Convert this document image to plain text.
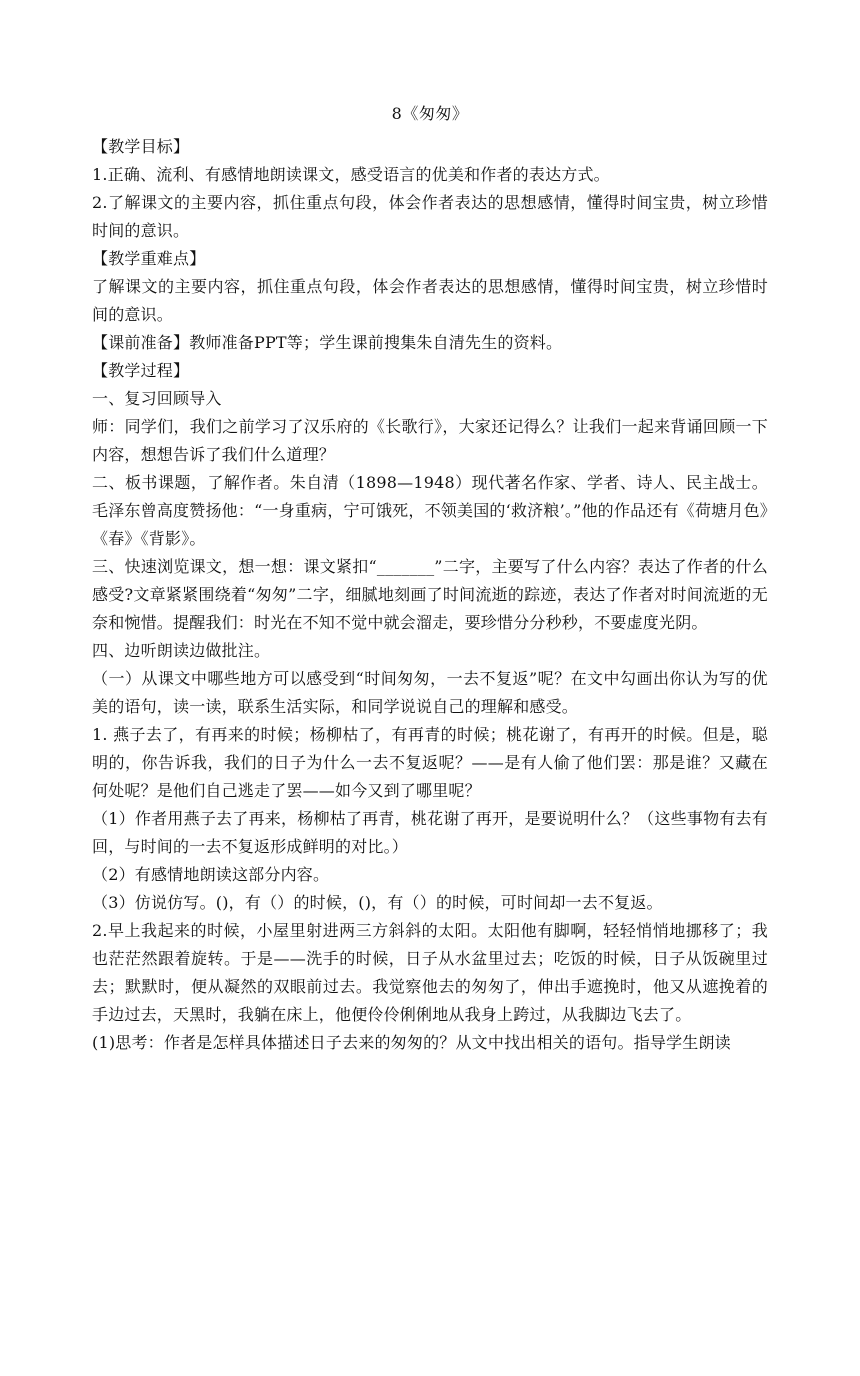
8《匆匆》

【教学目标】

1.正确、流利、有感情地朗读课文，感受语言的优美和作者的表达方式。

2.了解课文的主要内容，抓住重点句段，体会作者表达的思想感情，懂得时间宝贵，树立珍惜时间的意识。

【教学重难点】

了解课文的主要内容，抓住重点句段，体会作者表达的思想感情，懂得时间宝贵，树立珍惜时间的意识。

【课前准备】教师准备PPT等；学生课前搜集朱自清先生的资料。

【教学过程】

一、复习回顾导入

师：同学们，我们之前学习了汉乐府的《长歌行》，大家还记得么？让我们一起来背诵回顾一下内容，想想告诉了我们什么道理？

二、板书课题，了解作者。朱自清（1898—1948）现代著名作家、学者、诗人、民主战士。毛泽东曾高度赞扬他：“一身重病，宁可饿死，不领美国的‘救济粮’。”他的作品还有《荷塘月色》《春》《背影》。

三、快速浏览课文，想一想：课文紧扣“_______”二字，主要写了什么内容？表达了作者的什么感受?文章紧紧围绕着“匆匆”二字，细腻地刻画了时间流逝的踪迹，表达了作者对时间流逝的无奈和惋惜。提醒我们：时光在不知不觉中就会溜走，要珍惜分分秒秒，不要虚度光阴。

四、边听朗读边做批注。

（一）从课文中哪些地方可以感受到“时间匆匆，一去不复返”呢？在文中勾画出你认为写的优美的语句，读一读，联系生活实际，和同学说说自己的理解和感受。

1. 燕子去了，有再来的时候；杨柳枯了，有再青的时候；桃花谢了，有再开的时候。但是，聪明的，你告诉我，我们的日子为什么一去不复返呢？——是有人偷了他们罢：那是谁？又藏在何处呢？是他们自己逃走了罢——如今又到了哪里呢？

（1）作者用燕子去了再来，杨柳枯了再青，桃花谢了再开，是要说明什么？（这些事物有去有回，与时间的一去不复返形成鲜明的对比。）

（2）有感情地朗读这部分内容。

（3）仿说仿写。()，有（）的时候，()，有（）的时候，可时间却一去不复返。

2.早上我起来的时候，小屋里射进两三方斜斜的太阳。太阳他有脚啊，轻轻悄悄地挪移了；我也茫茫然跟着旋转。于是——洗手的时候，日子从水盆里过去；吃饭的时候，日子从饭碗里过去；默默时，便从凝然的双眼前过去。我觉察他去的匆匆了，伸出手遮挽时，他又从遮挽着的手边过去，天黑时，我躺在床上，他便伶伶俐俐地从我身上跨过，从我脚边飞去了。

(1)思考：作者是怎样具体描述日子去来的匆匆的？从文中找出相关的语句。指导学生朗读
